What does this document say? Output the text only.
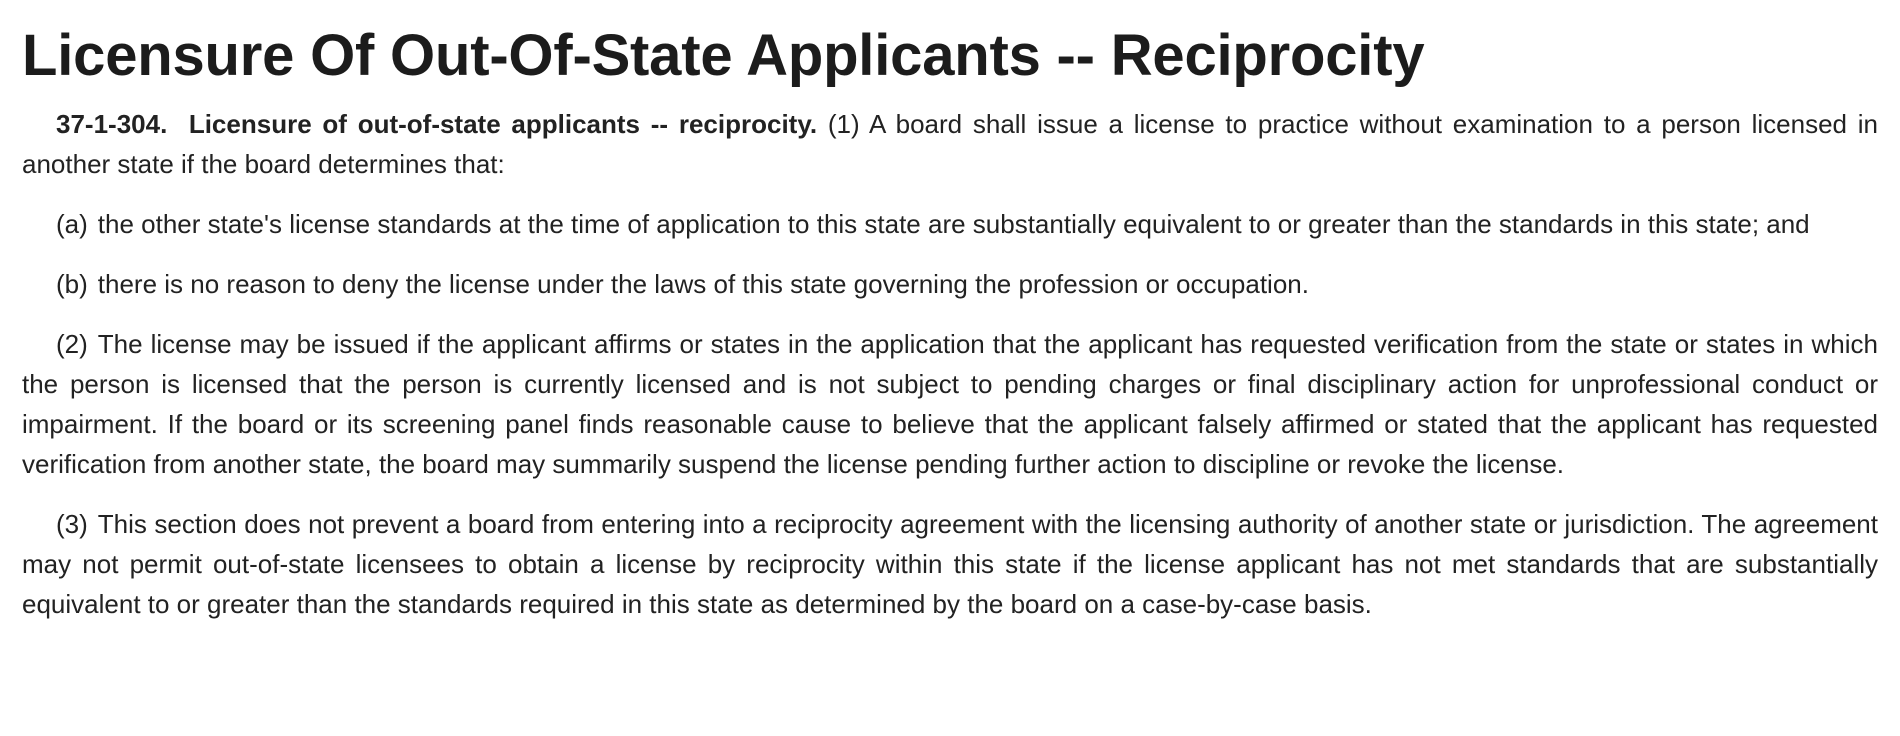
Licensure Of Out-Of-State Applicants -- Reciprocity

37-1-304. Licensure of out-of-state applicants -- reciprocity. (1) A board shall issue a license to practice without examination to a person licensed in another state if the board determines that:

(a) the other state's license standards at the time of application to this state are substantially equivalent to or greater than the standards in this state; and

(b) there is no reason to deny the license under the laws of this state governing the profession or occupation.

(2) The license may be issued if the applicant affirms or states in the application that the applicant has requested verification from the state or states in which the person is licensed that the person is currently licensed and is not subject to pending charges or final disciplinary action for unprofessional conduct or impairment. If the board or its screening panel finds reasonable cause to believe that the applicant falsely affirmed or stated that the applicant has requested verification from another state, the board may summarily suspend the license pending further action to discipline or revoke the license.

(3) This section does not prevent a board from entering into a reciprocity agreement with the licensing authority of another state or jurisdiction. The agreement may not permit out-of-state licensees to obtain a license by reciprocity within this state if the license applicant has not met standards that are substantially equivalent to or greater than the standards required in this state as determined by the board on a case-by-case basis.
